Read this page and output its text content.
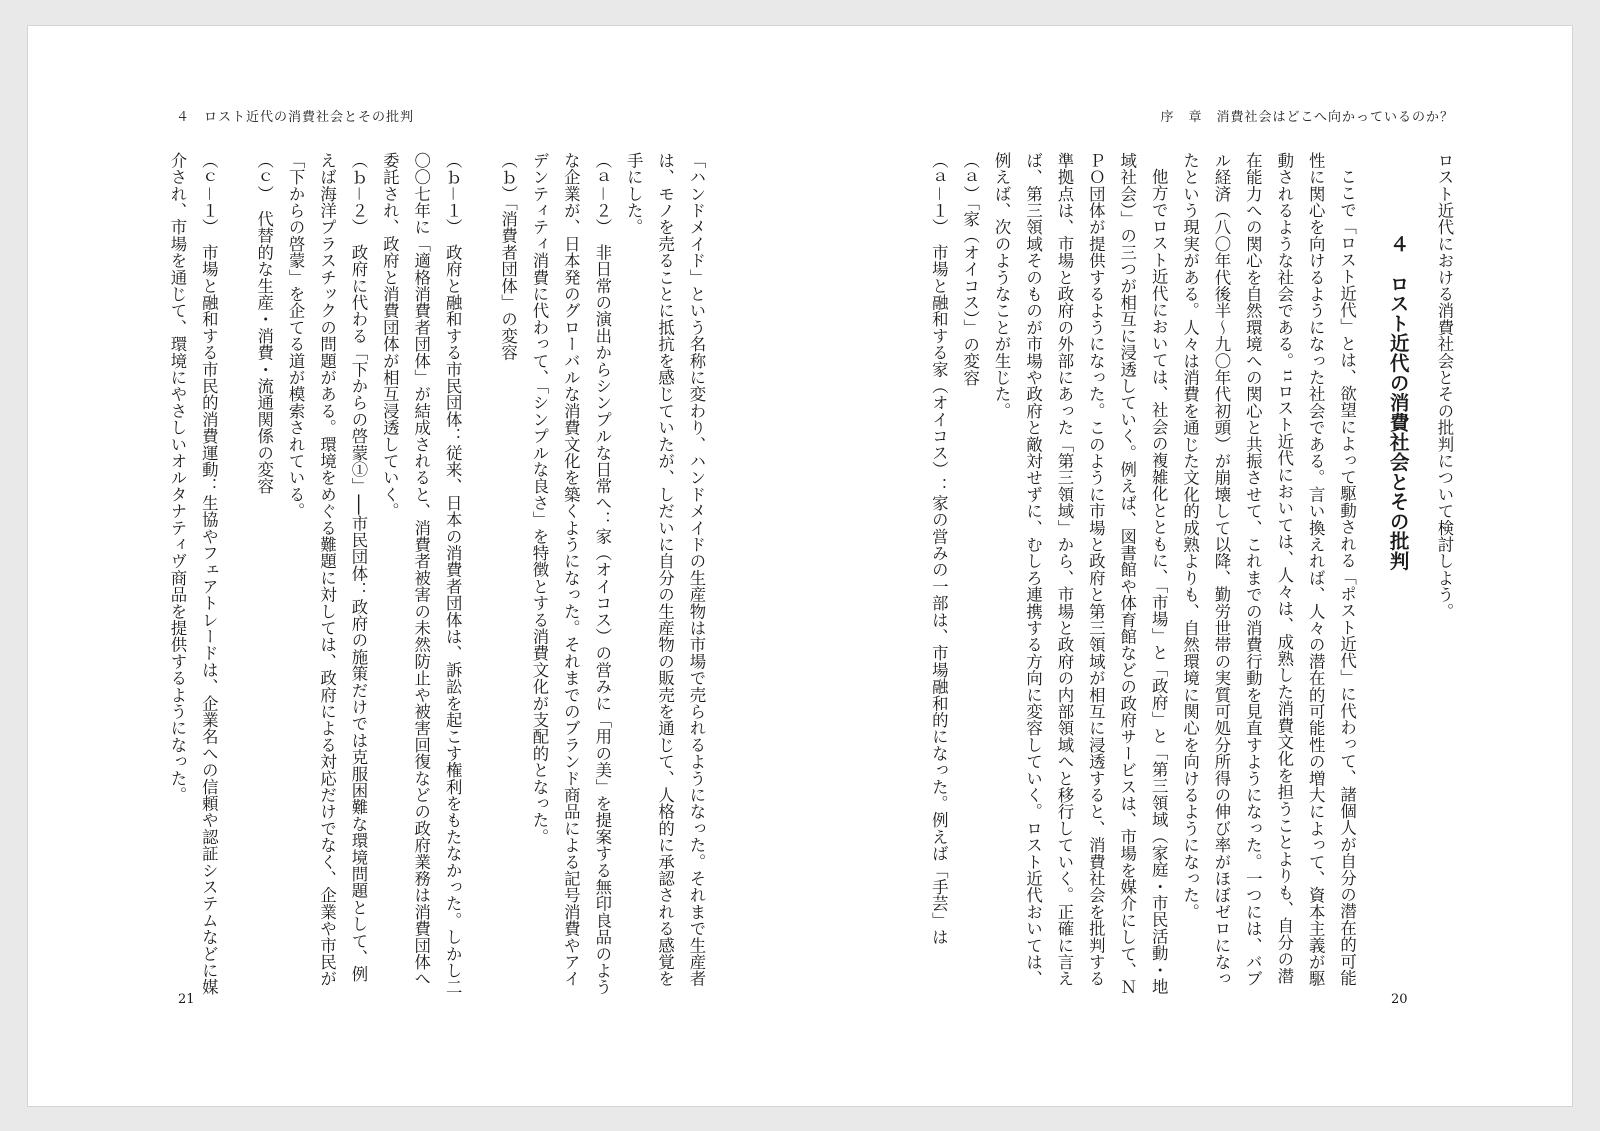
４　ロスト近代の消費社会とその批判	序　章　消費社会はどこへ向かっているのか？

ロスト近代における消費社会とその批判について検討しよう。

４　ロスト近代の消費社会とその批判

ここで「ロスト近代」とは、欲望によって駆動される「ポスト近代」に代わって、諸個人が自分の潜在的可能性に関心を向けるようになった社会である。言い換えれば、人々の潜在的可能性の増大によって、資本主義が駆動されるような社会である。¹¹ロスト近代においては、人々は、成熟した消費文化を担うことよりも、自分の潜在能力への関心を自然環境への関心と共振させて、これまでの消費行動を見直すようになった。一つには、バブル経済（八〇年代後半～九〇年代初頭）が崩壊して以降、勤労世帯の実質可処分所得の伸び率がほぼゼロになったという現実がある。人々は消費を通じた文化的成熟よりも、自然環境に関心を向けるようになった。

他方でロスト近代においては、社会の複雑化とともに、「市場」と「政府」と「第三領域（家庭・市民活動・地域社会）」の三つが相互に浸透していく。例えば、図書館や体育館などの政府サービスは、市場を媒介にして、ＮＰＯ団体が提供するようになった。このように市場と政府と第三領域が相互に浸透すると、消費社会を批判する準拠点は、市場と政府の外部にあった「第三領域」から、市場と政府の内部領域へと移行していく。正確に言えば、第三領域そのものが市場や政府と敵対せずに、むしろ連携する方向に変容していく。ロスト近代おいては、例えば、次のようなことが生じた。

（ａ）「家（オイコス）」の変容

（ａ－１）　市場と融和する家（オイコス）：家の営みの一部は、市場融和的になった。例えば「手芸」は

「ハンドメイド」という名称に変わり、ハンドメイドの生産物は市場で売られるようになった。それまで生産者は、モノを売ることに抵抗を感じていたが、しだいに自分の生産物の販売を通じて、人格的に承認される感覚を手にした。

（ａ－２）　非日常の演出からシンプルな日常へ：家（オイコス）の営みに「用の美」を提案する無印良品のような企業が、日本発のグローバルな消費文化を築くようになった。それまでのブランド商品による記号消費やアイデンティティ消費に代わって、「シンプルな良さ」を特徴とする消費文化が支配的となった。

（ｂ）「消費者団体」の変容

（ｂ－１）　政府と融和する市民団体：従来、日本の消費者団体は、訴訟を起こす権利をもたなかった。しかし二〇〇七年に「適格消費者団体」が結成されると、消費者被害の未然防止や被害回復などの政府業務は消費団体へ委託され、政府と消費団体が相互浸透していく。

（ｂ－２）　政府に代わる「下からの啓蒙①」──市民団体：政府の施策だけでは克服困難な環境問題として、例えば海洋プラスチックの問題がある。環境をめぐる難題に対しては、政府による対応だけでなく、企業や市民が「下からの啓蒙」を企てる道が模索されている。

（ｃ）　代替的な生産・消費・流通関係の変容

（ｃ－１）　市場と融和する市民的消費運動：生協やフェアトレードは、企業名への信頼や認証システムなどに媒介され、市場を通じて、環境にやさしいオルタナティヴ商品を提供するようになった。

21	20
